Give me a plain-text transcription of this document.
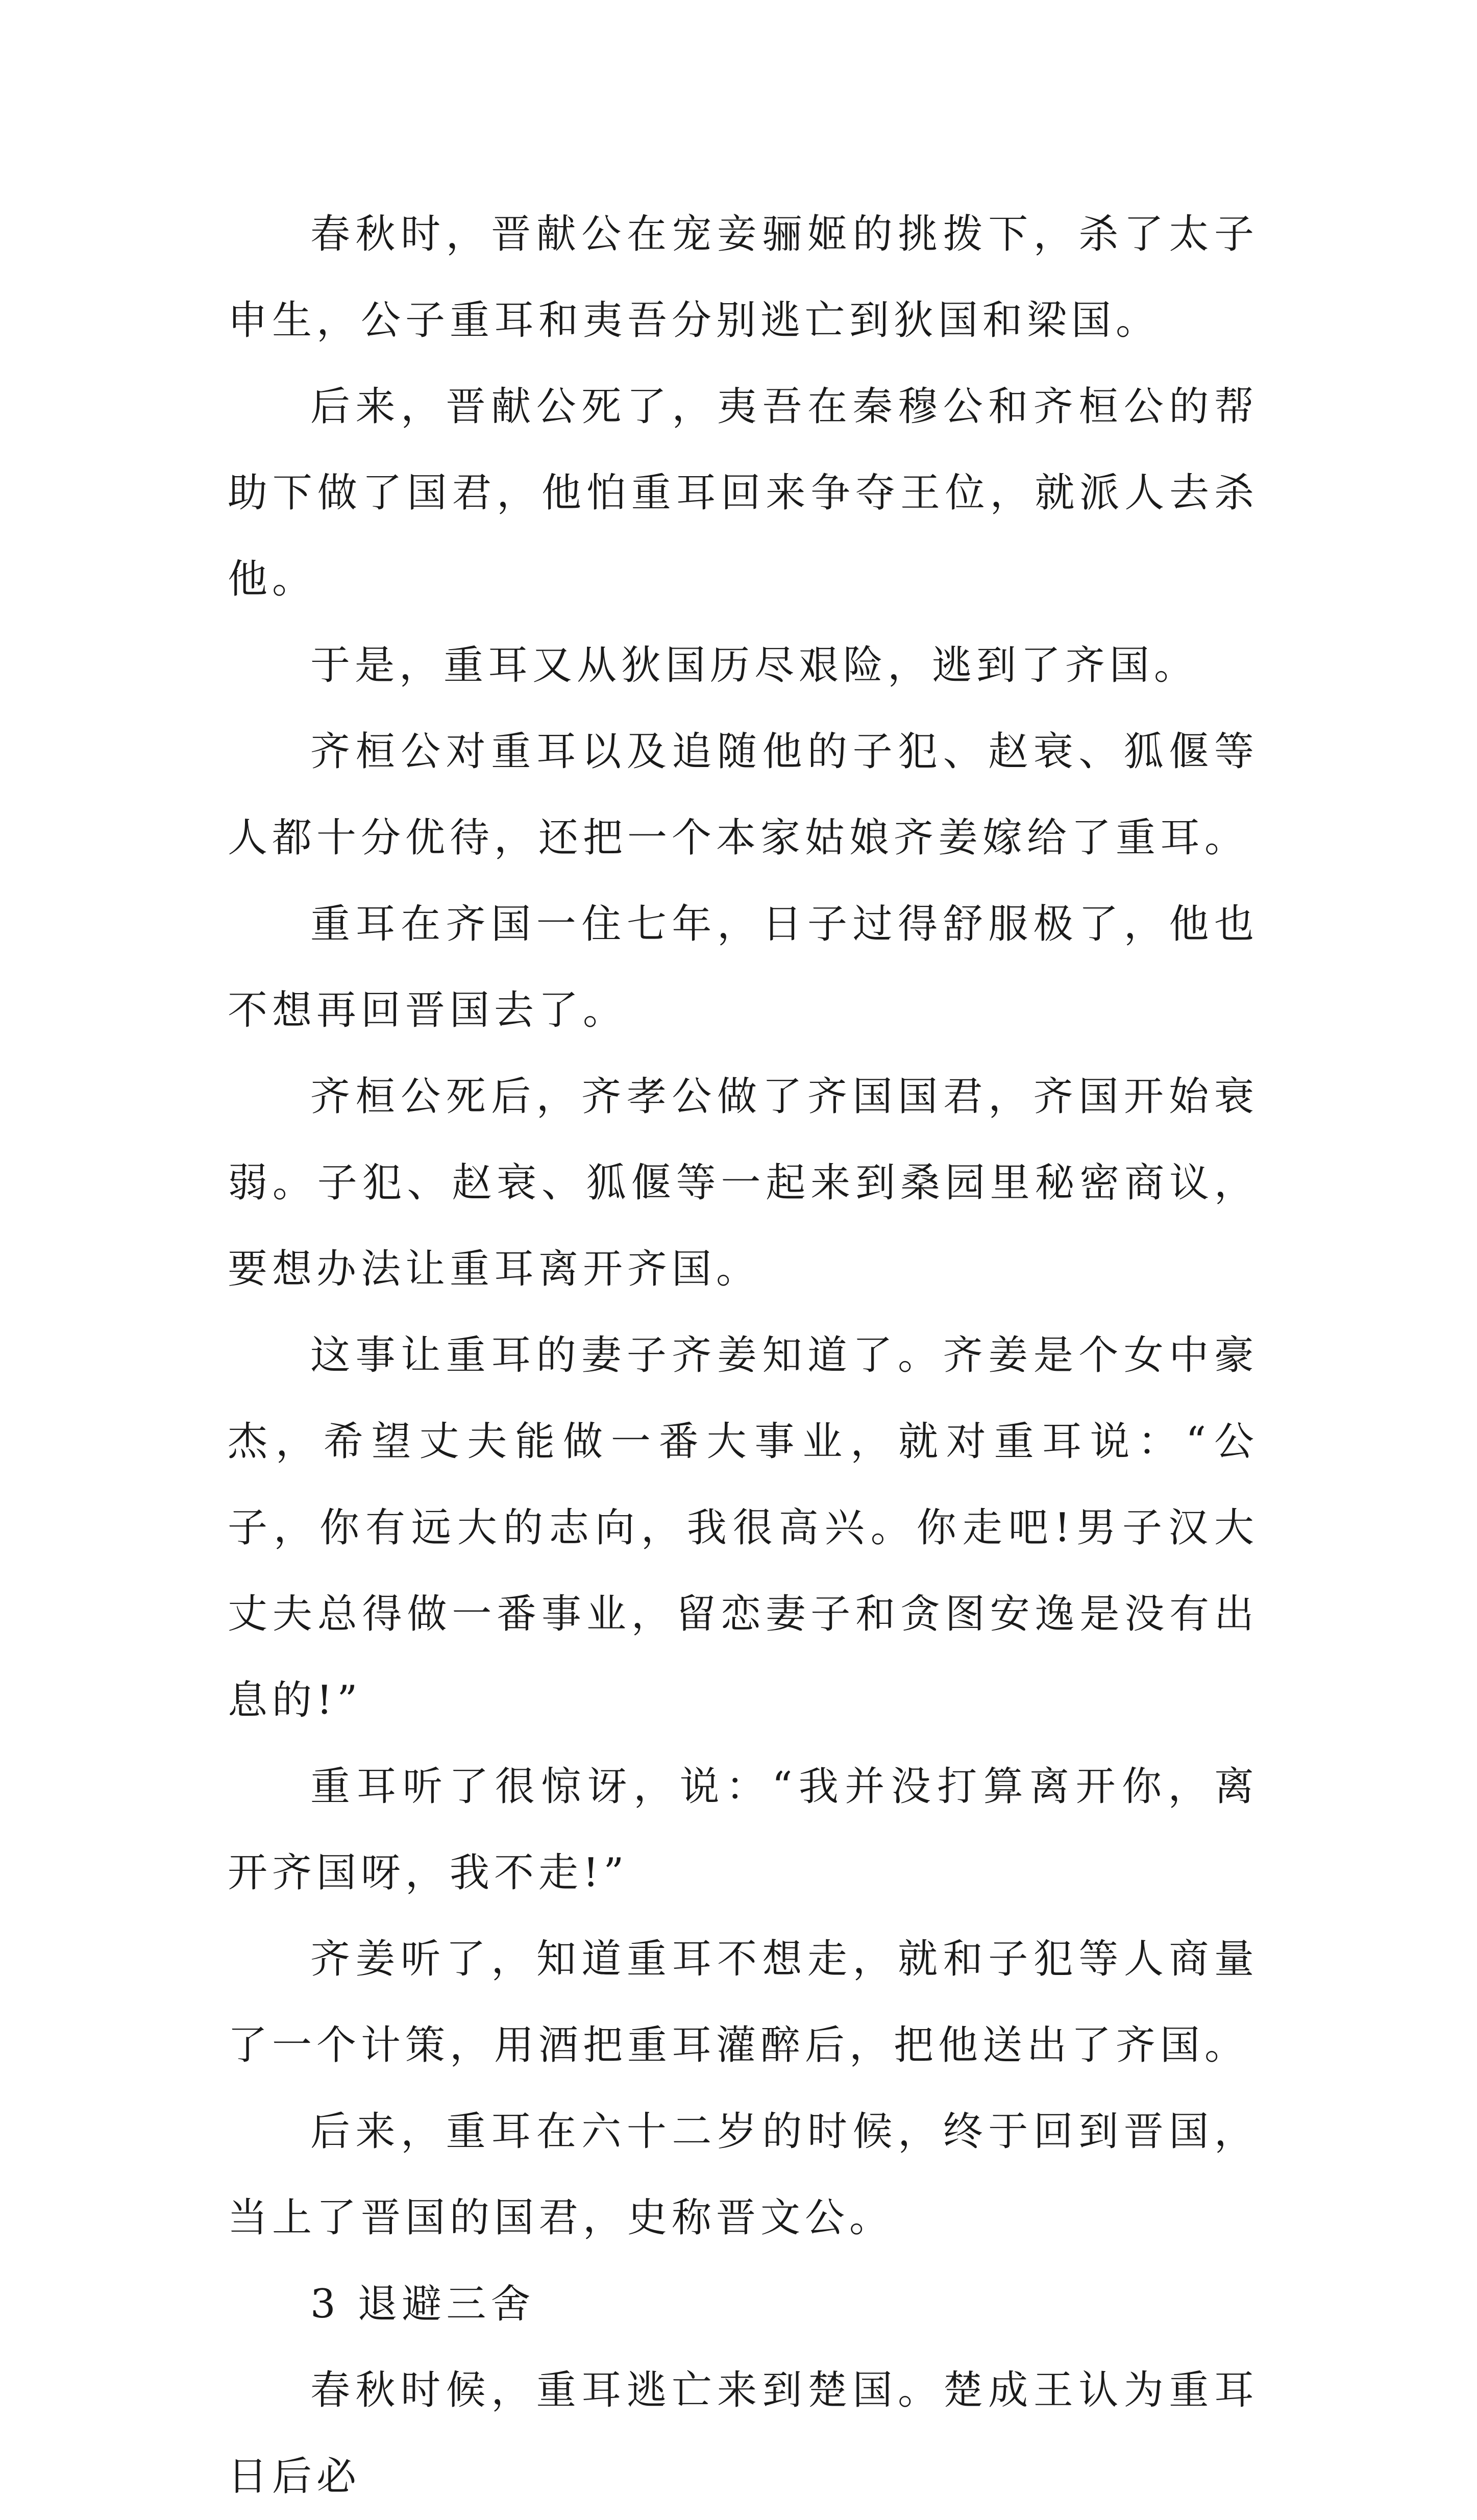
春秋时，晋献公在宠妾骊姬的挑拨下，杀了太子申生，公子重耳和夷吾分别逃亡到狄国和梁国。

后来，晋献公死了，夷吾在秦穆公和齐桓公的帮助下做了国君，他怕重耳回来争夺王位，就派人去杀他。

于是，重耳又从狄国历尽艰险，逃到了齐国。

齐桓公对重耳以及追随他的子犯、赵衰、狐偃等人都十分优待，还把一个本家姑娘齐姜嫁给了重耳。

重耳在齐国一住七年，日子过得舒服极了，他也不想再回晋国去了。

齐桓公死后，齐孝公做了齐国国君，齐国开始衰弱。子犯、赵衰、狐偃等一起来到桑园里秘密商议，要想办法让重耳离开齐国。

这事让重耳的妻子齐姜知道了。齐姜是个女中豪杰，希望丈夫能做一番大事业，就对重耳说：“公子，你有远大的志向，我很高兴。你走吧!男子汉大丈夫总得做一番事业，留恋妻子和贪图安逸是没有出息的!”

重耳听了很惊讶，说：“我并没打算离开你，离开齐国呀，我不走!”

齐姜听了，知道重耳不想走，就和子犯等人商量了一个计策，用酒把重耳灌醉后，把他送出了齐国。

后来，重耳在六十二岁的时候，终于回到晋国，当上了晋国的国君，史称晋文公。

3 退避三舍

春秋时候，重耳逃亡来到楚国。楚成王认为重耳日后必
